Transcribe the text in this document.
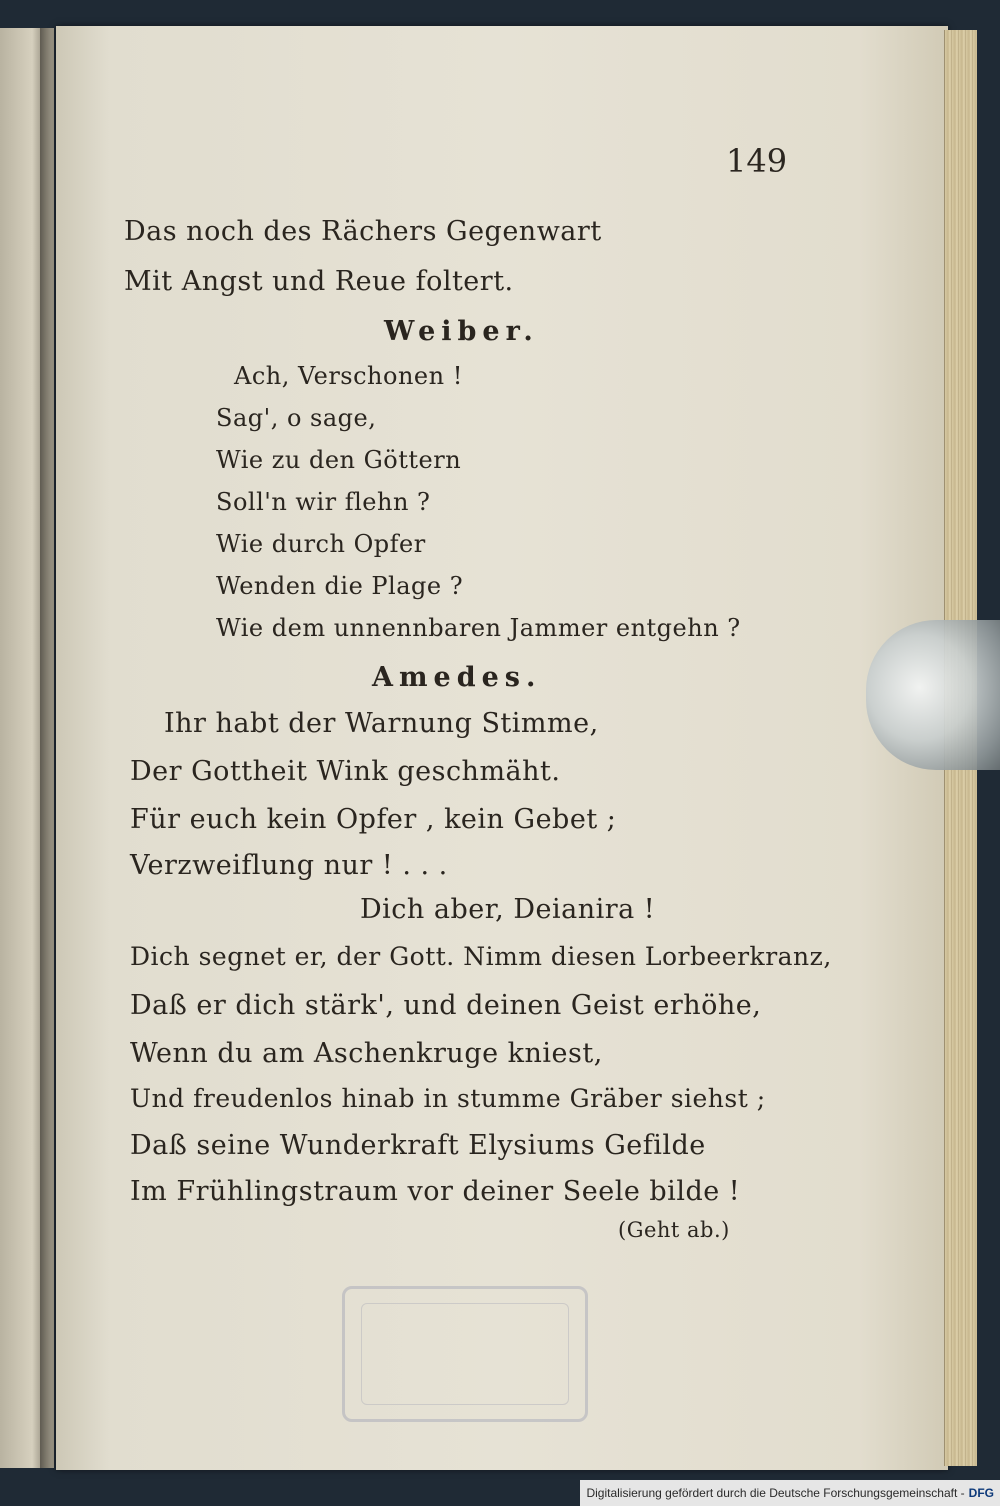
149
Das noch des Rächers Gegenwart
Mit Angst und Reue foltert.
Weiber.
Ach, Verschonen !
Sag', o sage,
Wie zu den Göttern
Soll'n wir flehn ?
Wie durch Opfer
Wenden die Plage ?
Wie dem unnennbaren Jammer entgehn ?
Amedes.
Ihr habt der Warnung Stimme,
Der Gottheit Wink geschmäht.
Für euch kein Opfer , kein Gebet ;
Verzweiflung nur ! . . .
Dich aber, Deianira !
Dich segnet er, der Gott. Nimm diesen Lorbeerkranz,
Daß er dich stärk', und deinen Geist erhöhe,
Wenn du am Aschenkruge kniest,
Und freudenlos hinab in stumme Gräber siehst ;
Daß seine Wunderkraft Elysiums Gefilde
Im Frühlingstraum vor deiner Seele bilde !
(Geht ab.)
Digitalisierung gefördert durch die Deutsche Forschungsgemeinschaft - DFG
